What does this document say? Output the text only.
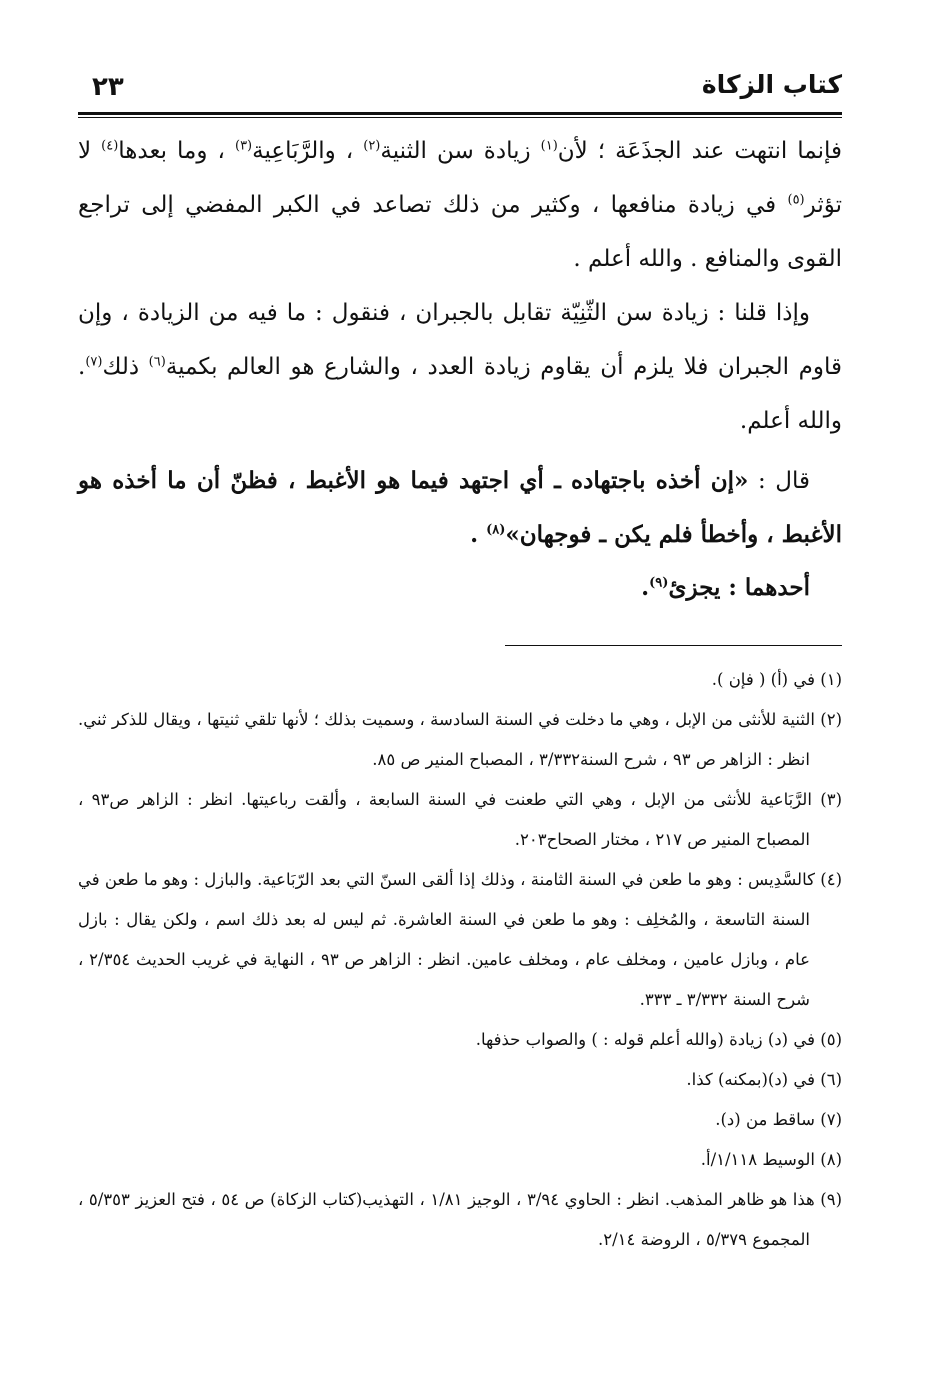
كتاب الزكاة
٢٣

فإنما انتهت عند الجذَعَة ؛ لأن$^{(١)}$ زيادة سن الثنية$^{(٢)}$ ، والرَّبَاعِية$^{(٣)}$ ، وما بعدها$^{(٤)}$ لا تؤثر$^{(٥)}$ في زيادة منافعها ، وكثير من ذلك تصاعد في الكبر المفضي إلى تراجع القوى والمنافع . والله أعلم .

وإذا قلنا : زيادة سن الثّنِيّة تقابل بالجبران ، فنقول : ما فيه من الزيادة ، وإن قاوم الجبران فلا يلزم أن يقاوم زيادة العدد ، والشارع هو العالم بكمية$^{(٦)}$ ذلك$^{(٧)}$. والله أعلم.

قال : «إن أخذه باجتهاده ـ أي اجتهد فيما هو الأغبط ، فظنّ أن ما أخذه هو الأغبط ، وأخطأ فلم يكن ـ فوجهان»$^{(٨)}$ .

أحدهما : يجزئ$^{(٩)}$.

(١) في (أ) ( فإن ).

(٢) الثنية للأنثى من الإبل ، وهي ما دخلت في السنة السادسة ، وسميت بذلك ؛ لأنها تلقي ثنيتها ، ويقال للذكر ثني. انظر : الزاهر ص ٩٣ ، شرح السنة٣/٣٣٢ ، المصباح المنير ص ٨٥.

(٣) الرَّبَاعية للأنثى من الإبل ، وهي التي طعنت في السنة السابعة ، وألقت رباعيتها. انظر : الزاهر ص٩٣ ، المصباح المنير ص ٢١٧ ، مختار الصحاح٢٠٣.

(٤) كالسَّدِيس : وهو ما طعن في السنة الثامنة ، وذلك إذا ألقى السنّ التي بعد الرّبَاعية. والبازل : وهو ما طعن في السنة التاسعة ، والمُخلِف : وهو ما طعن في السنة العاشرة. ثم ليس له بعد ذلك اسم ، ولكن يقال : بازل عام ، وبازل عامين ، ومخلف عام ، ومخلف عامين. انظر : الزاهر ص ٩٣ ، النهاية في غريب الحديث ٢/٣٥٤ ، شرح السنة ٣/٣٣٢ ـ ٣٣٣.

(٥) في (د) زيادة (والله أعلم قوله : ) والصواب حذفها.

(٦) في (د)(بمكنه) كذا.

(٧) ساقط من (د).

(٨) الوسيط ١/١١٨/أ.

(٩) هذا هو ظاهر المذهب. انظر : الحاوي ٣/٩٤ ، الوجيز ١/٨١ ، التهذيب(كتاب الزكاة) ص ٥٤ ، فتح العزيز ٥/٣٥٣ ، المجموع ٥/٣٧٩ ، الروضة ٢/١٤.
